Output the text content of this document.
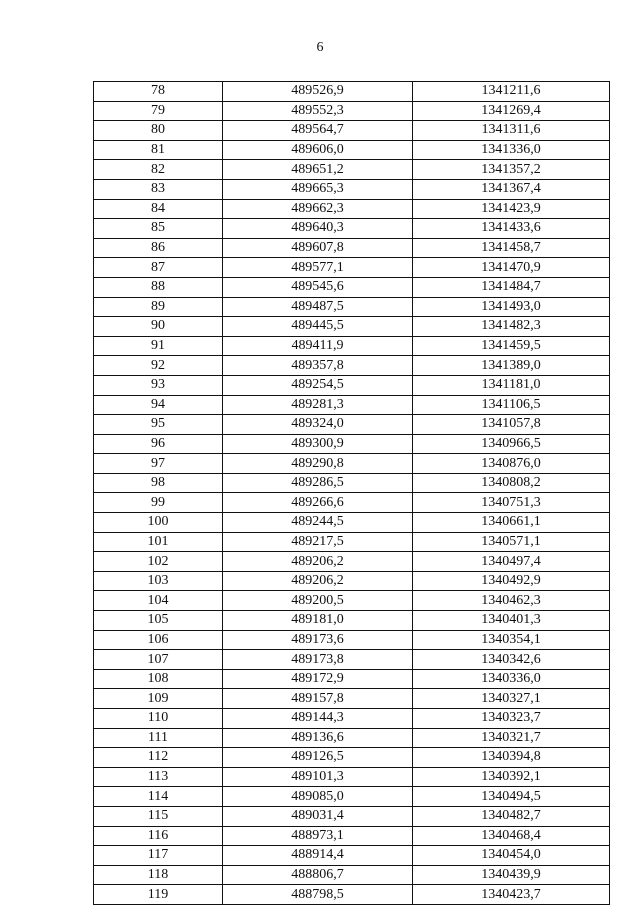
6
78	489526,9	1341211,6
79	489552,3	1341269,4
80	489564,7	1341311,6
81	489606,0	1341336,0
82	489651,2	1341357,2
83	489665,3	1341367,4
84	489662,3	1341423,9
85	489640,3	1341433,6
86	489607,8	1341458,7
87	489577,1	1341470,9
88	489545,6	1341484,7
89	489487,5	1341493,0
90	489445,5	1341482,3
91	489411,9	1341459,5
92	489357,8	1341389,0
93	489254,5	1341181,0
94	489281,3	1341106,5
95	489324,0	1341057,8
96	489300,9	1340966,5
97	489290,8	1340876,0
98	489286,5	1340808,2
99	489266,6	1340751,3
100	489244,5	1340661,1
101	489217,5	1340571,1
102	489206,2	1340497,4
103	489206,2	1340492,9
104	489200,5	1340462,3
105	489181,0	1340401,3
106	489173,6	1340354,1
107	489173,8	1340342,6
108	489172,9	1340336,0
109	489157,8	1340327,1
110	489144,3	1340323,7
111	489136,6	1340321,7
112	489126,5	1340394,8
113	489101,3	1340392,1
114	489085,0	1340494,5
115	489031,4	1340482,7
116	488973,1	1340468,4
117	488914,4	1340454,0
118	488806,7	1340439,9
119	488798,5	1340423,7
